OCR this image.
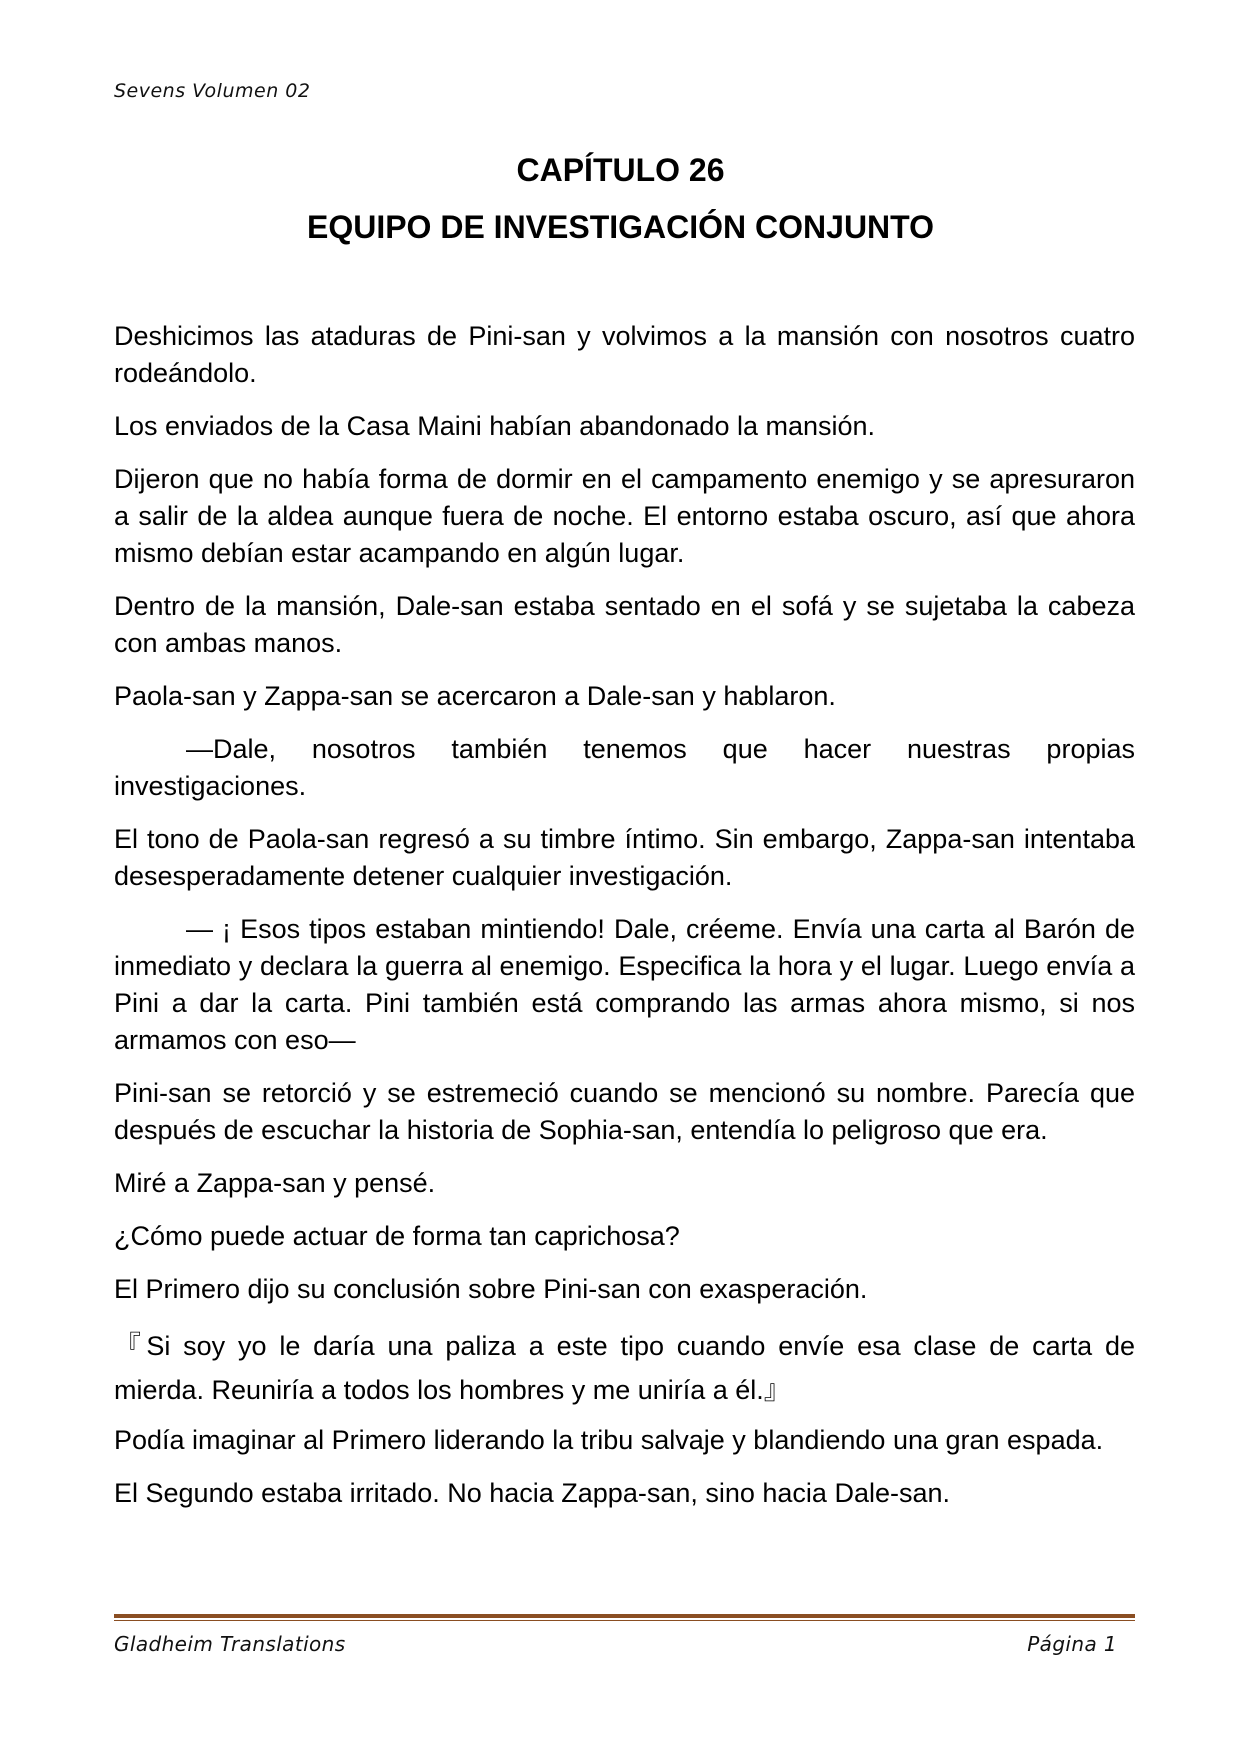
Sevens Volumen 02
CAPÍTULO 26
EQUIPO DE INVESTIGACIÓN CONJUNTO

Deshicimos las ataduras de Pini-san y volvimos a la mansión con nosotros cuatro rodeándolo.

Los enviados de la Casa Maini habían abandonado la mansión.

Dijeron que no había forma de dormir en el campamento enemigo y se apresuraron a salir de la aldea aunque fuera de noche. El entorno estaba oscuro, así que ahora mismo debían estar acampando en algún lugar.

Dentro de la mansión, Dale-san estaba sentado en el sofá y se sujetaba la cabeza con ambas manos.

Paola-san y Zappa-san se acercaron a Dale-san y hablaron.

—Dale, nosotros también tenemos que hacer nuestras propias investigaciones.

El tono de Paola-san regresó a su timbre íntimo. Sin embargo, Zappa-san intentaba desesperadamente detener cualquier investigación.

— ¡ Esos tipos estaban mintiendo! Dale, créeme. Envía una carta al Barón de inmediato y declara la guerra al enemigo. Especifica la hora y el lugar. Luego envía a Pini a dar la carta. Pini también está comprando las armas ahora mismo, si nos armamos con eso—

Pini-san se retorció y se estremeció cuando se mencionó su nombre. Parecía que después de escuchar la historia de Sophia-san, entendía lo peligroso que era.

Miré a Zappa-san y pensé.

¿Cómo puede actuar de forma tan caprichosa?

El Primero dijo su conclusión sobre Pini-san con exasperación.

『Si soy yo le daría una paliza a este tipo cuando envíe esa clase de carta de mierda. Reuniría a todos los hombres y me uniría a él.』

Podía imaginar al Primero liderando la tribu salvaje y blandiendo una gran espada.

El Segundo estaba irritado. No hacia Zappa-san, sino hacia Dale-san.

Gladheim Translations	Página 1
